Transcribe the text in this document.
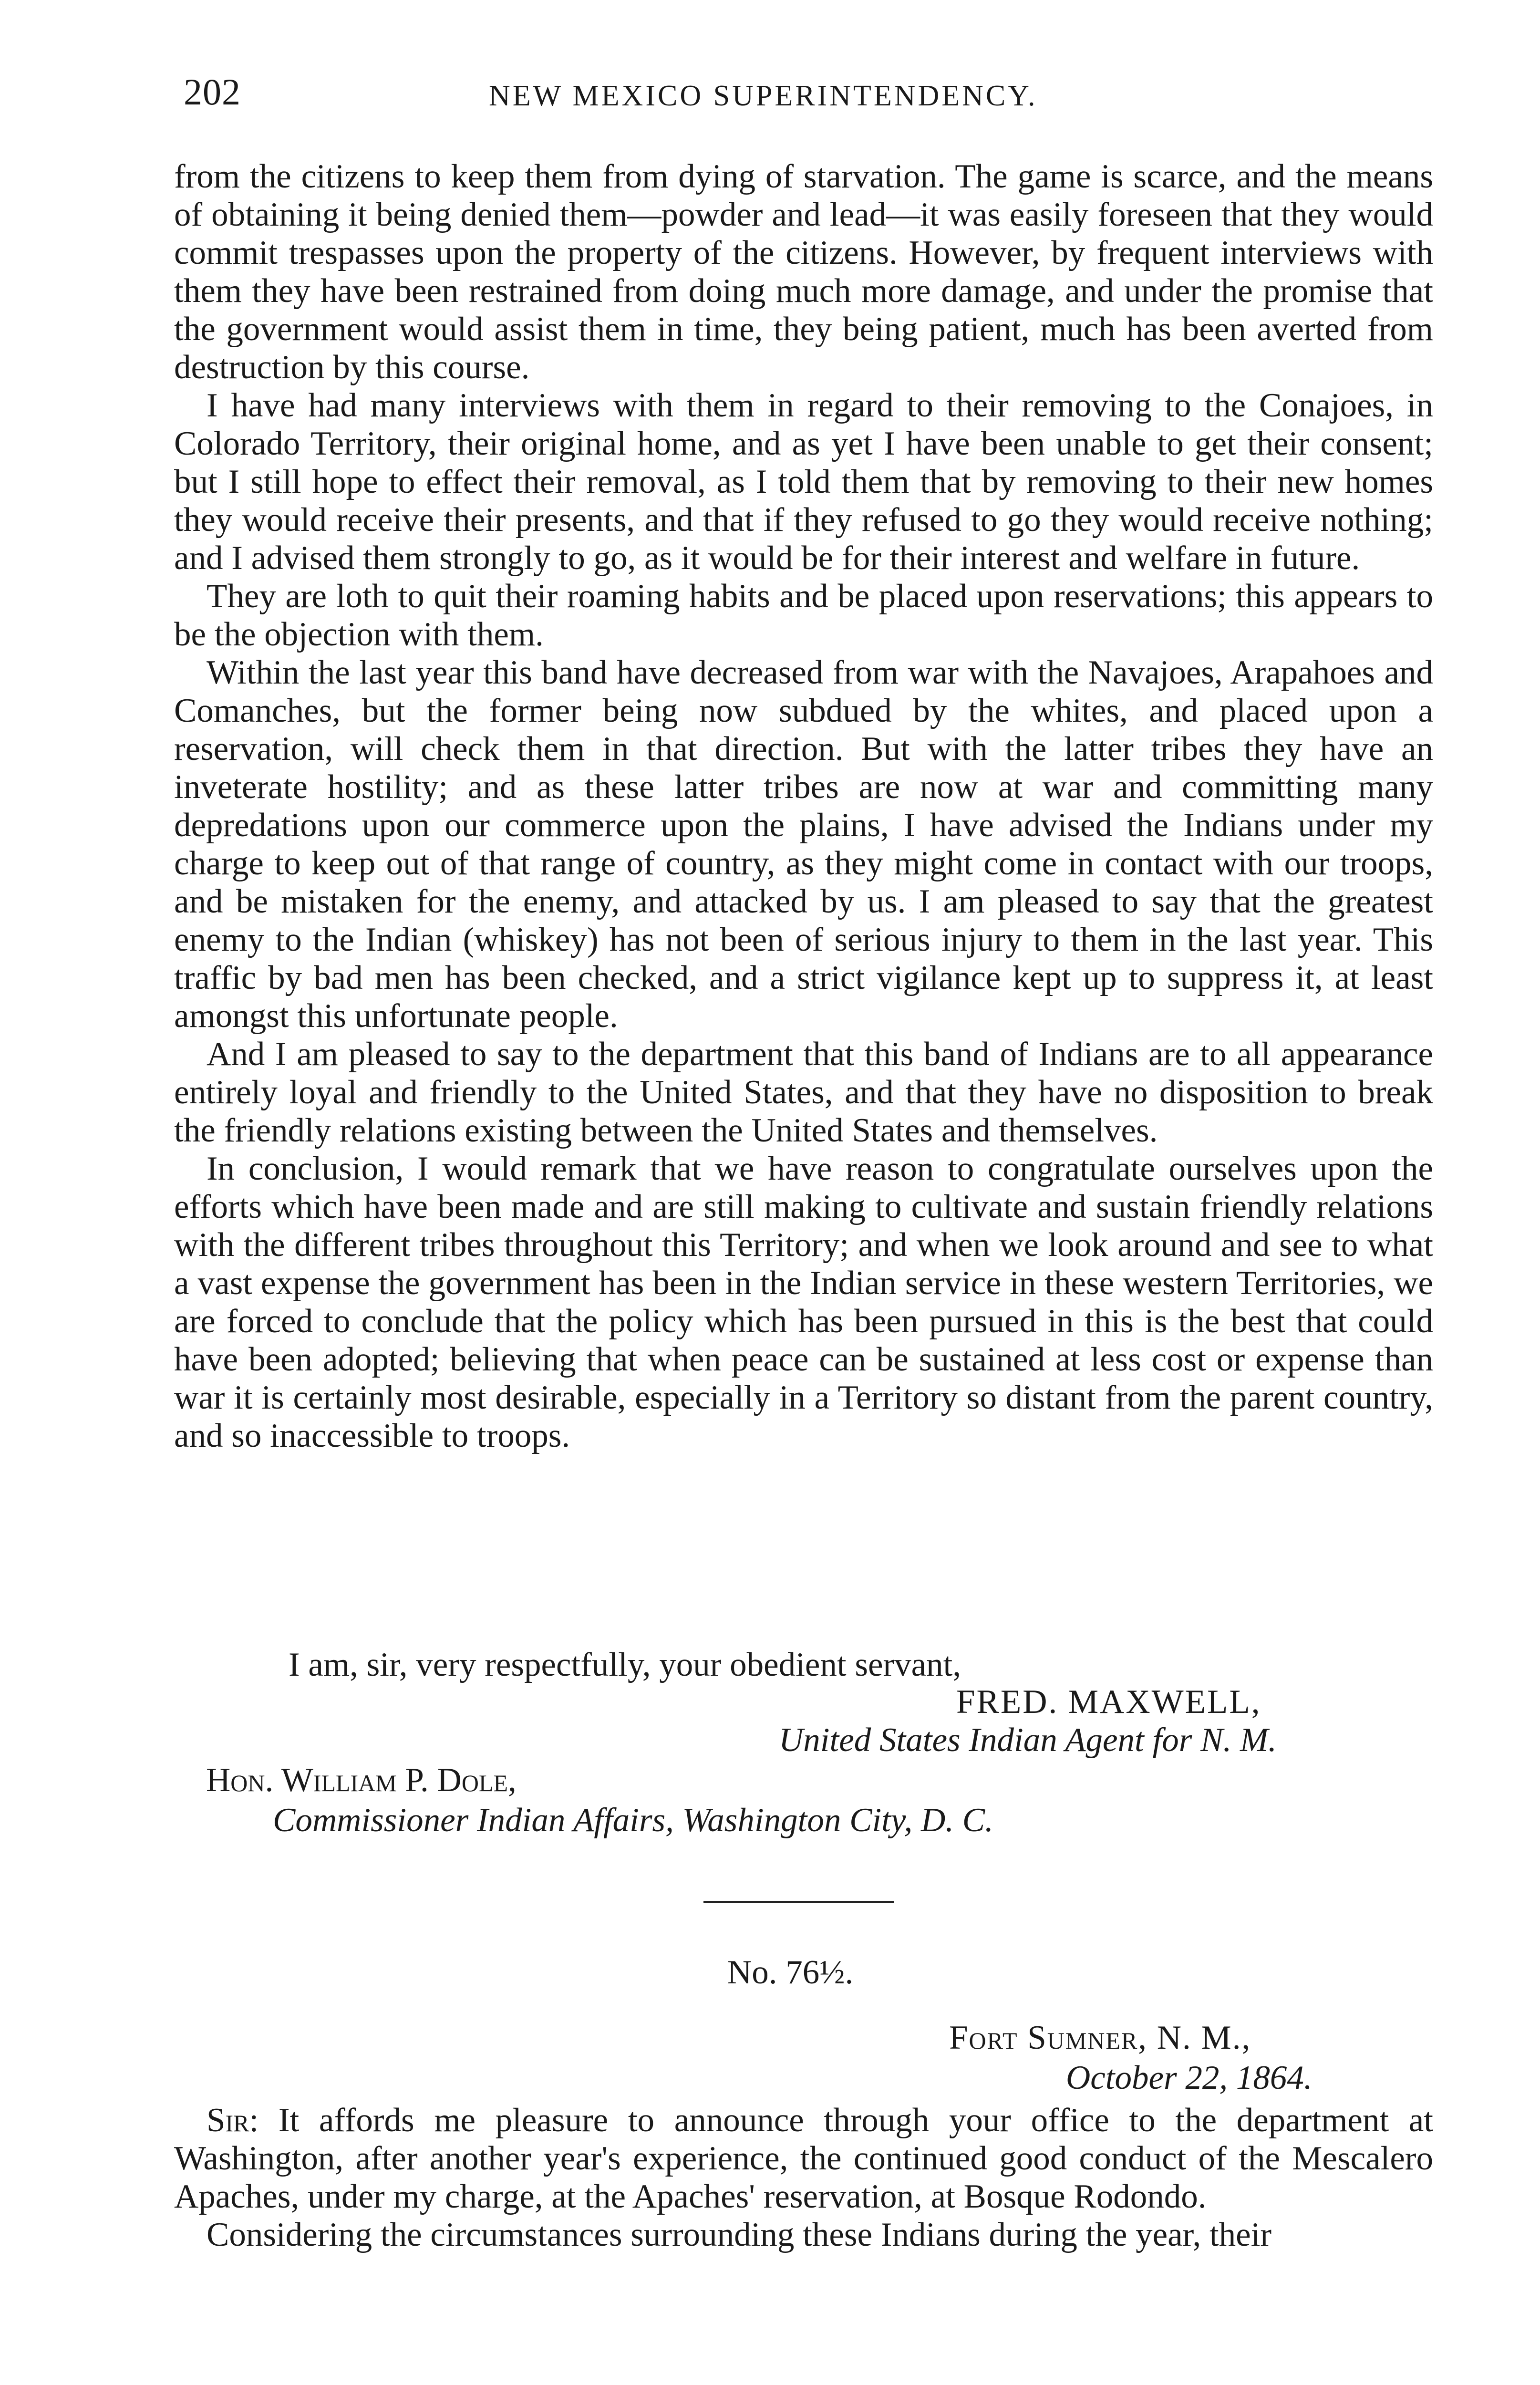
202	NEW MEXICO SUPERINTENDENCY.

from the citizens to keep them from dying of starvation. The game is scarce, and the means of obtaining it being denied them—powder and lead—it was easily foreseen that they would commit trespasses upon the property of the citizens. However, by frequent interviews with them they have been restrained from doing much more damage, and under the promise that the government would assist them in time, they being patient, much has been averted from destruction by this course.

I have had many interviews with them in regard to their removing to the Conajoes, in Colorado Territory, their original home, and as yet I have been unable to get their consent; but I still hope to effect their removal, as I told them that by removing to their new homes they would receive their presents, and that if they refused to go they would receive nothing; and I advised them strongly to go, as it would be for their interest and welfare in future.

They are loth to quit their roaming habits and be placed upon reservations; this appears to be the objection with them.

Within the last year this band have decreased from war with the Navajoes, Arapahoes and Comanches, but the former being now subdued by the whites, and placed upon a reservation, will check them in that direction. But with the latter tribes they have an inveterate hostility; and as these latter tribes are now at war and committing many depredations upon our commerce upon the plains, I have advised the Indians under my charge to keep out of that range of country, as they might come in contact with our troops, and be mistaken for the enemy, and attacked by us. I am pleased to say that the greatest enemy to the Indian (whiskey) has not been of serious injury to them in the last year. This traffic by bad men has been checked, and a strict vigilance kept up to suppress it, at least amongst this unfortunate people.

And I am pleased to say to the department that this band of Indians are to all appearance entirely loyal and friendly to the United States, and that they have no disposition to break the friendly relations existing between the United States and themselves.

In conclusion, I would remark that we have reason to congratulate ourselves upon the efforts which have been made and are still making to cultivate and sustain friendly relations with the different tribes throughout this Territory; and when we look around and see to what a vast expense the government has been in the Indian service in these western Territories, we are forced to conclude that the policy which has been pursued in this is the best that could have been adopted; believing that when peace can be sustained at less cost or expense than war it is certainly most desirable, especially in a Territory so distant from the parent country, and so inaccessible to troops.

I am, sir, very respectfully, your obedient servant,
FRED. MAXWELL,
United States Indian Agent for N. M.
Hon. William P. Dole,
Commissioner Indian Affairs, Washington City, D. C.
No. 76½.
Fort Sumner, N. M.,
October 22, 1864.

Sir: It affords me pleasure to announce through your office to the department at Washington, after another year's experience, the continued good conduct of the Mescalero Apaches, under my charge, at the Apaches' reservation, at Bosque Rodondo.

Considering the circumstances surrounding these Indians during the year, their
